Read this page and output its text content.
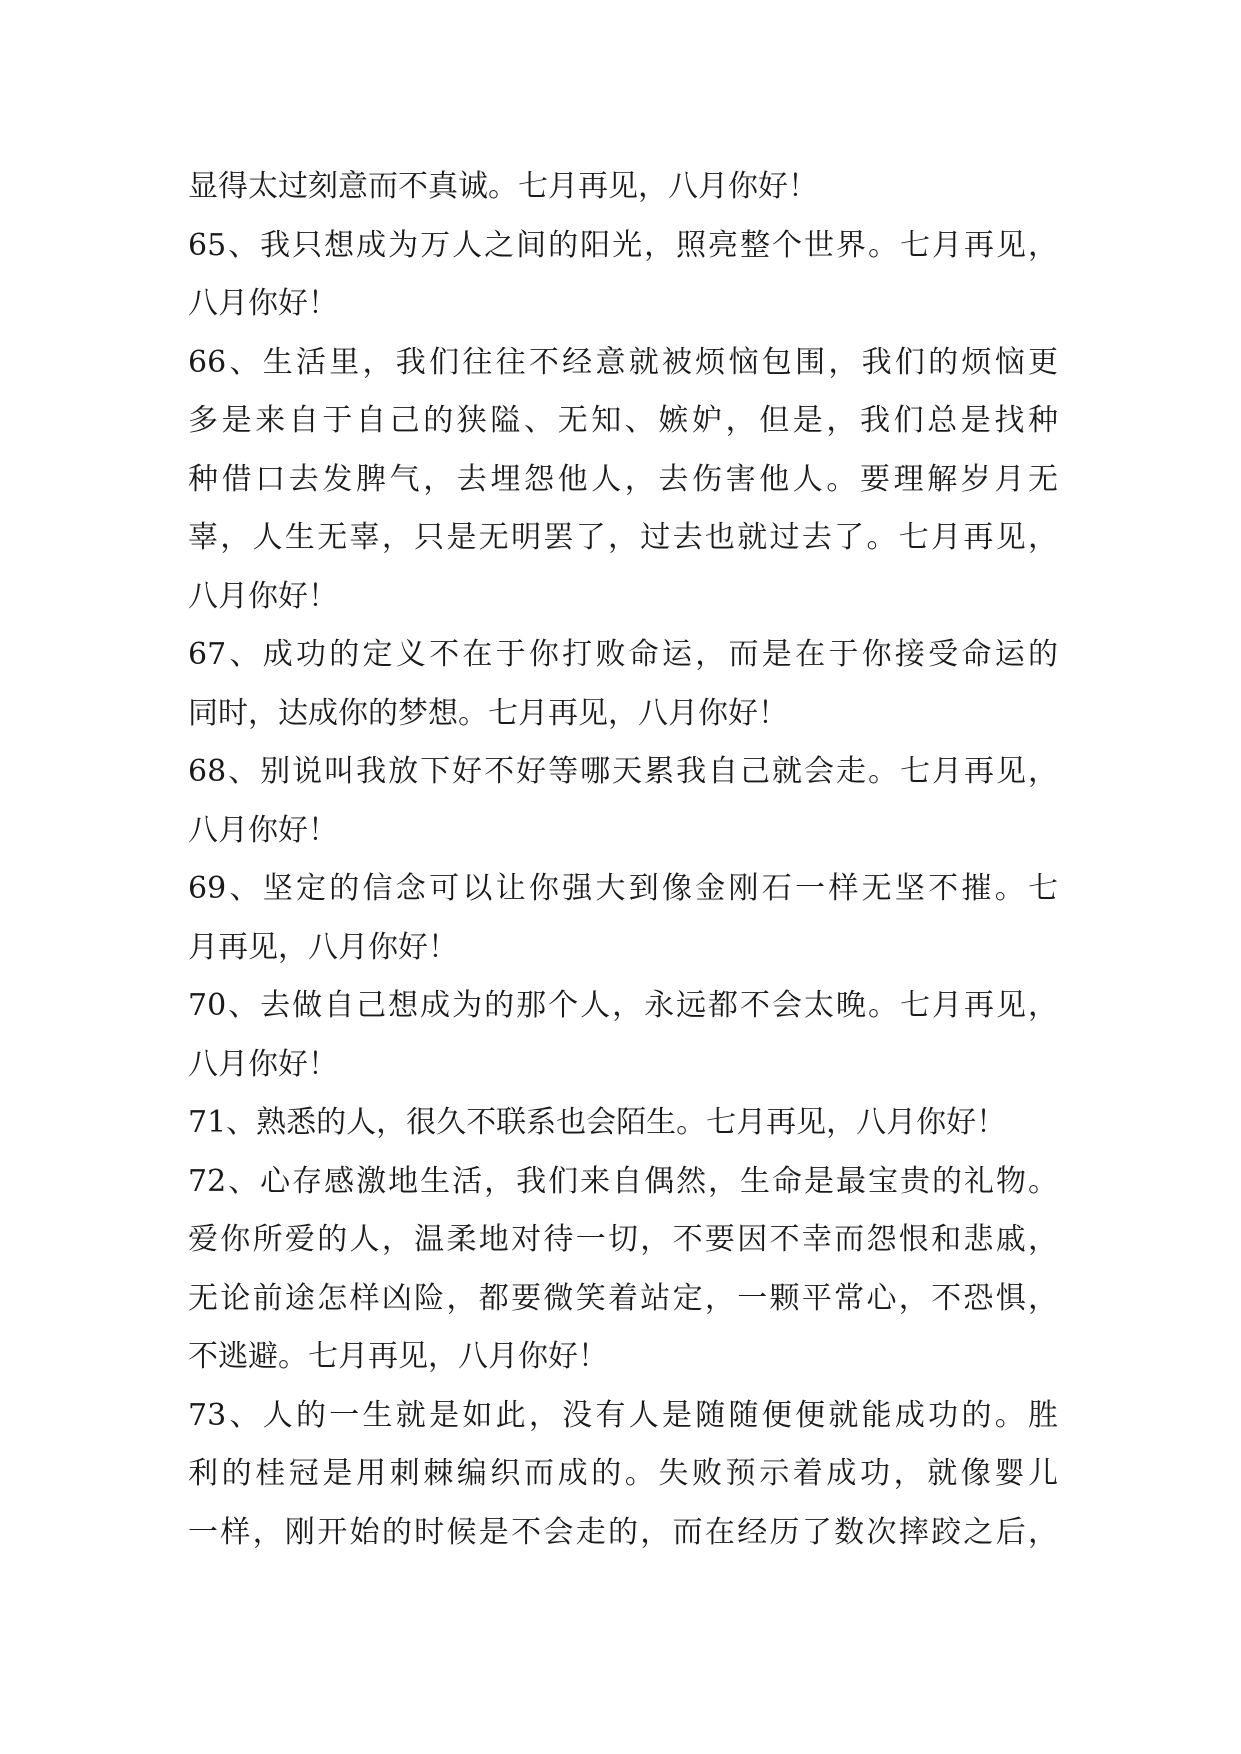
显得太过刻意而不真诚。七月再见，八月你好！
65、我只想成为万人之间的阳光，照亮整个世界。七月再见，
八月你好！
66、生活里，我们往往不经意就被烦恼包围，我们的烦恼更
多是来自于自己的狭隘、无知、嫉妒，但是，我们总是找种
种借口去发脾气，去埋怨他人，去伤害他人。要理解岁月无
辜，人生无辜，只是无明罢了，过去也就过去了。七月再见，
八月你好！
67、成功的定义不在于你打败命运，而是在于你接受命运的
同时，达成你的梦想。七月再见，八月你好！
68、别说叫我放下好不好等哪天累我自己就会走。七月再见，
八月你好！
69、坚定的信念可以让你强大到像金刚石一样无坚不摧。七
月再见，八月你好！
70、去做自己想成为的那个人，永远都不会太晚。七月再见，
八月你好！
71、熟悉的人，很久不联系也会陌生。七月再见，八月你好！
72、心存感激地生活，我们来自偶然，生命是最宝贵的礼物。
爱你所爱的人，温柔地对待一切，不要因不幸而怨恨和悲戚，
无论前途怎样凶险，都要微笑着站定，一颗平常心，不恐惧，
不逃避。七月再见，八月你好！
73、人的一生就是如此，没有人是随随便便就能成功的。胜
利的桂冠是用刺棘编织而成的。失败预示着成功，就像婴儿
一样，刚开始的时候是不会走的，而在经历了数次摔跤之后，
